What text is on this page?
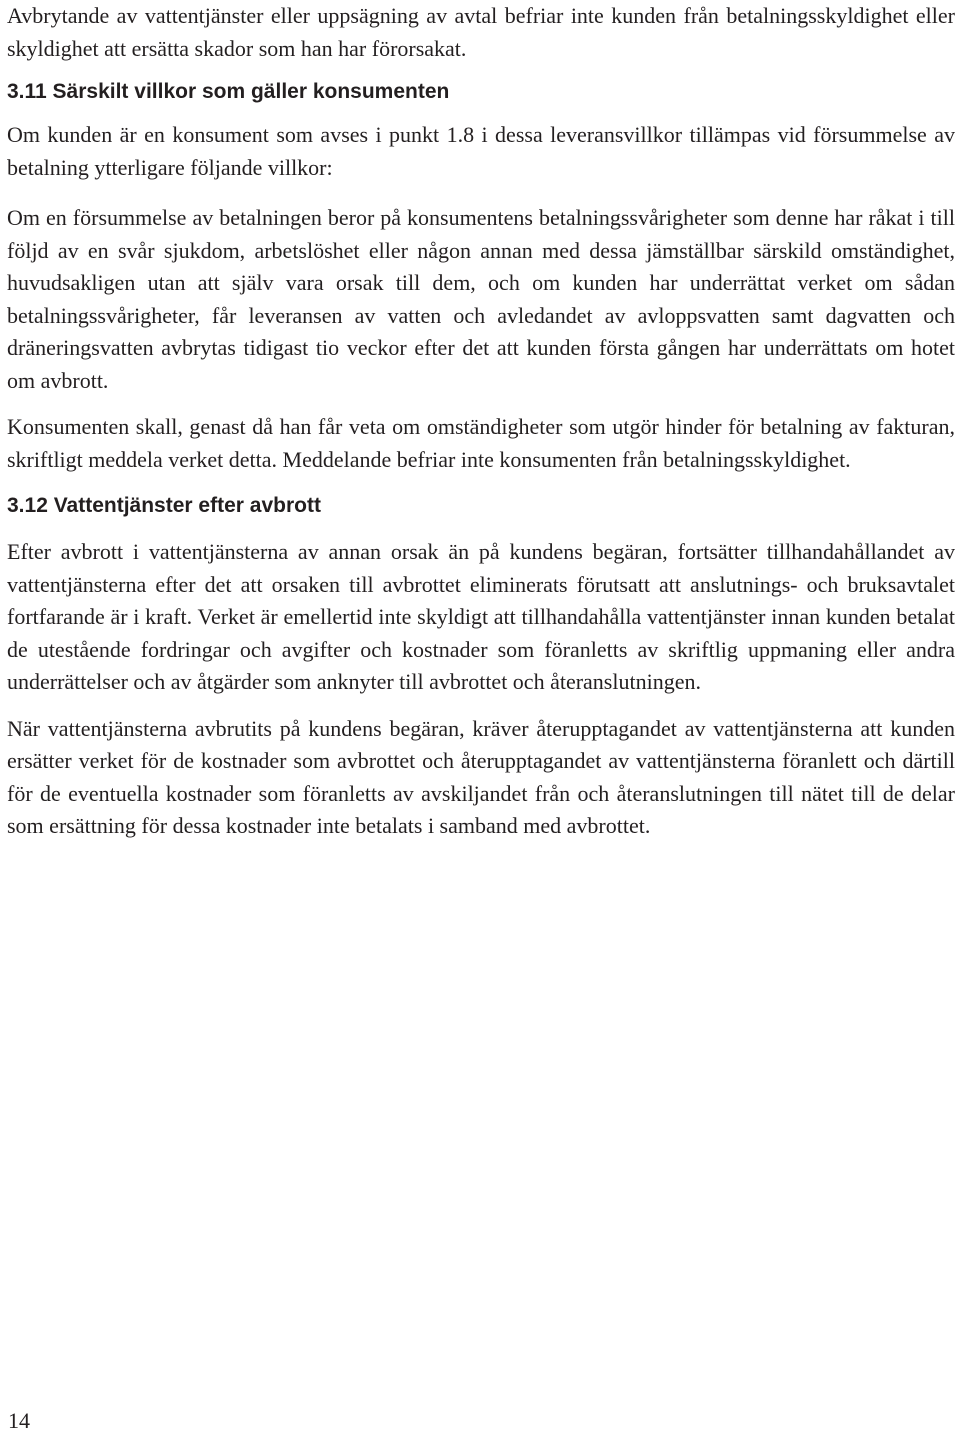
Avbrytande av vattentjänster eller uppsägning av avtal befriar inte kunden från betalningsskyldighet eller skyldighet att ersätta skador som han har förorsakat.

3.11 Särskilt villkor som gäller konsumenten

Om kunden är en konsument som avses i punkt 1.8 i dessa leveransvillkor tillämpas vid försummelse av betalning ytterligare följande villkor:

Om en försummelse av betalningen beror på konsumentens betalningssvårigheter som denne har råkat i till följd av en svår sjukdom, arbetslöshet eller någon annan med dessa jämställbar särskild omständighet, huvudsakligen utan att själv vara orsak till dem, och om kunden har underrättat verket om sådan betalningssvårigheter, får leveransen av vatten och avledandet av avloppsvatten samt dagvatten och dräneringsvatten avbrytas tidigast tio veckor efter det att kunden första gången har underrättats om hotet om avbrott.

Konsumenten skall, genast då han får veta om omständigheter som utgör hinder för betalning av fakturan, skriftligt meddela verket detta. Meddelande befriar inte konsumenten från betalningsskyldighet.

3.12 Vattentjänster efter avbrott

Efter avbrott i vattentjänsterna av annan orsak än på kundens begäran, fortsätter tillhandahållandet av vattentjänsterna efter det att orsaken till avbrottet eliminerats förutsatt att anslutnings- och bruksavtalet fortfarande är i kraft. Verket är emellertid inte skyldigt att tillhandahålla vattentjänster innan kunden betalat de utestående fordringar och avgifter och kostnader som föranletts av skriftlig uppmaning eller andra underrättelser och av åtgärder som anknyter till avbrottet och återanslutningen.

När vattentjänsterna avbrutits på kundens begäran, kräver återupptagandet av vattentjänsterna att kunden ersätter verket för de kostnader som avbrottet och återupptagandet av vattentjänsterna föranlett och därtill för de eventuella kostnader som föranletts av avskiljandet från och återanslutningen till nätet till de delar som ersättning för dessa kostnader inte betalats i samband med avbrottet.

14
